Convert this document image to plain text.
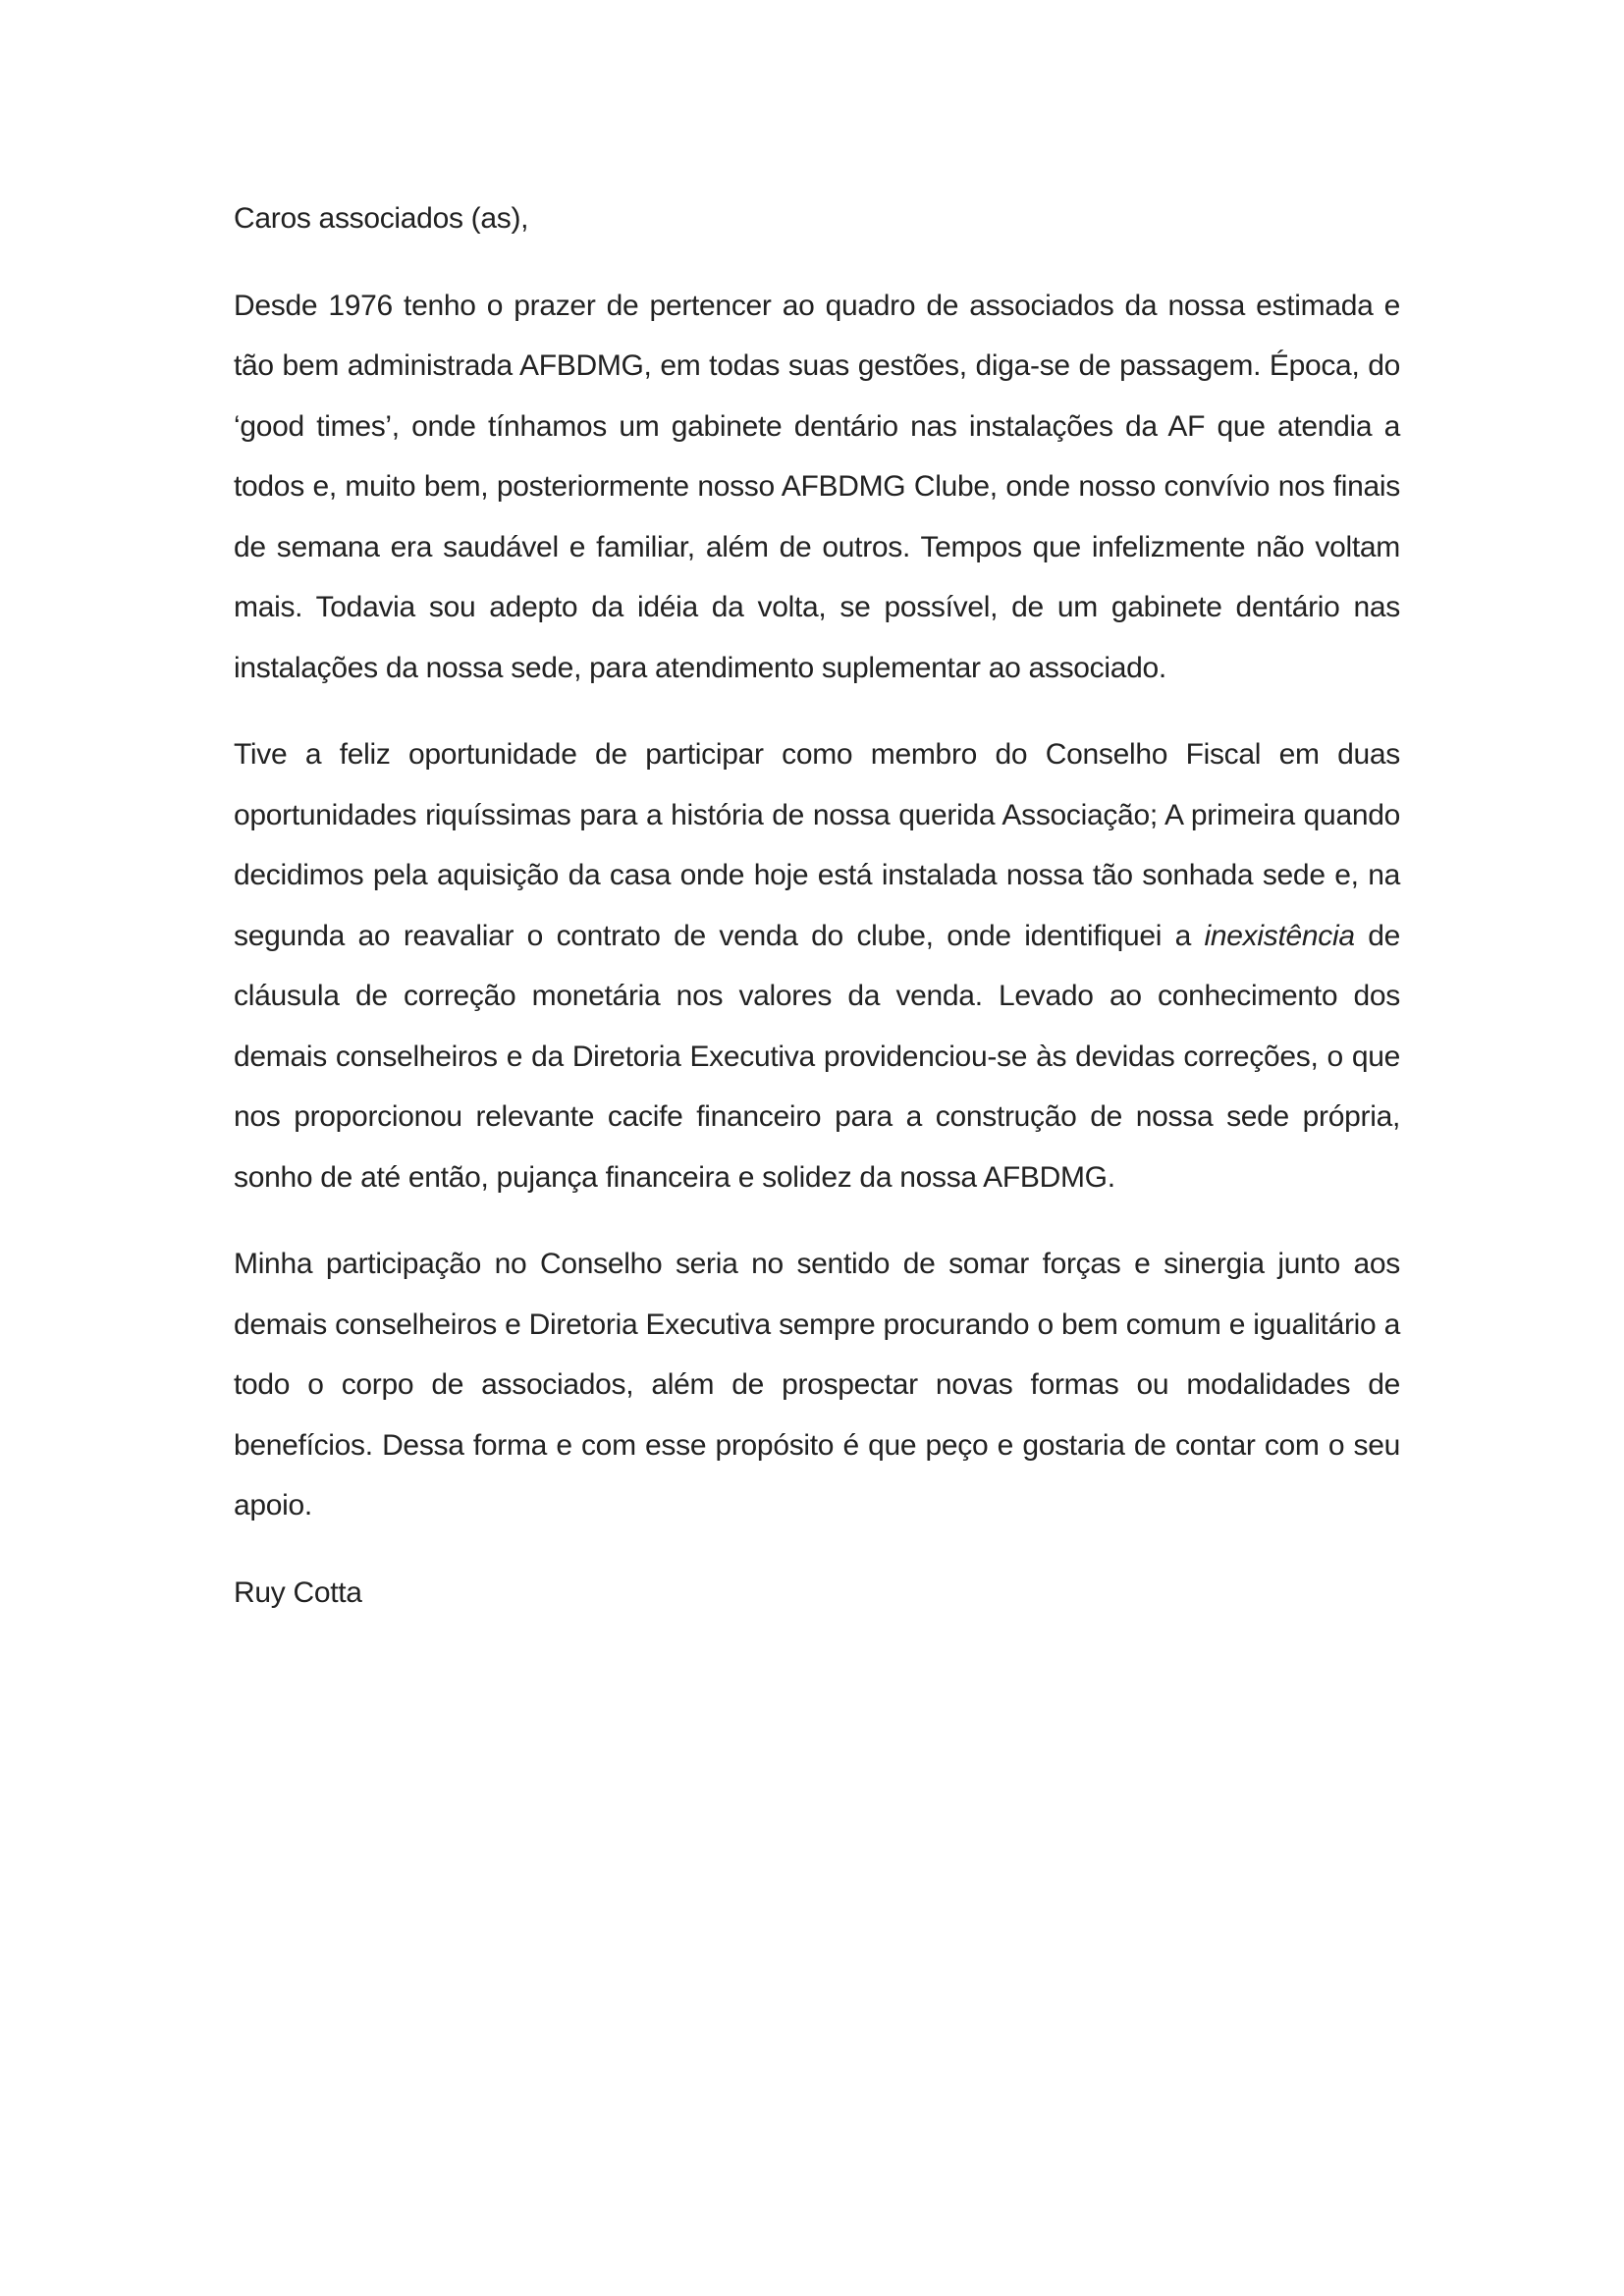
Caros associados (as),

Desde 1976 tenho o prazer de pertencer ao quadro de associados da nossa estimada e tão bem administrada AFBDMG, em todas suas gestões, diga-se de passagem. Época, do ‘good times’, onde tínhamos um gabinete dentário nas instalações da AF que atendia a todos e, muito bem, posteriormente nosso AFBDMG Clube, onde nosso convívio nos finais de semana era saudável e familiar, além de outros. Tempos que infelizmente não voltam mais. Todavia sou adepto da idéia da volta, se possível, de um gabinete dentário nas instalações da nossa sede, para atendimento suplementar ao associado.

Tive a feliz oportunidade de participar como membro do Conselho Fiscal em duas oportunidades riquíssimas para a história de nossa querida Associação; A primeira quando decidimos pela aquisição da casa onde hoje está instalada nossa tão sonhada sede e, na segunda ao reavaliar o contrato de venda do clube, onde identifiquei a inexistência de cláusula de correção monetária nos valores da venda. Levado ao conhecimento dos demais conselheiros e da Diretoria Executiva providenciou-se às devidas correções, o que nos proporcionou relevante cacife financeiro para a construção de nossa sede própria, sonho de até então, pujança financeira e solidez da nossa AFBDMG.

Minha participação no Conselho seria no sentido de somar forças e sinergia junto aos demais conselheiros e Diretoria Executiva sempre procurando o bem comum e igualitário a todo o corpo de associados, além de prospectar novas formas ou modalidades de benefícios. Dessa forma e com esse propósito é que peço e gostaria de contar com o seu apoio.

Ruy Cotta
